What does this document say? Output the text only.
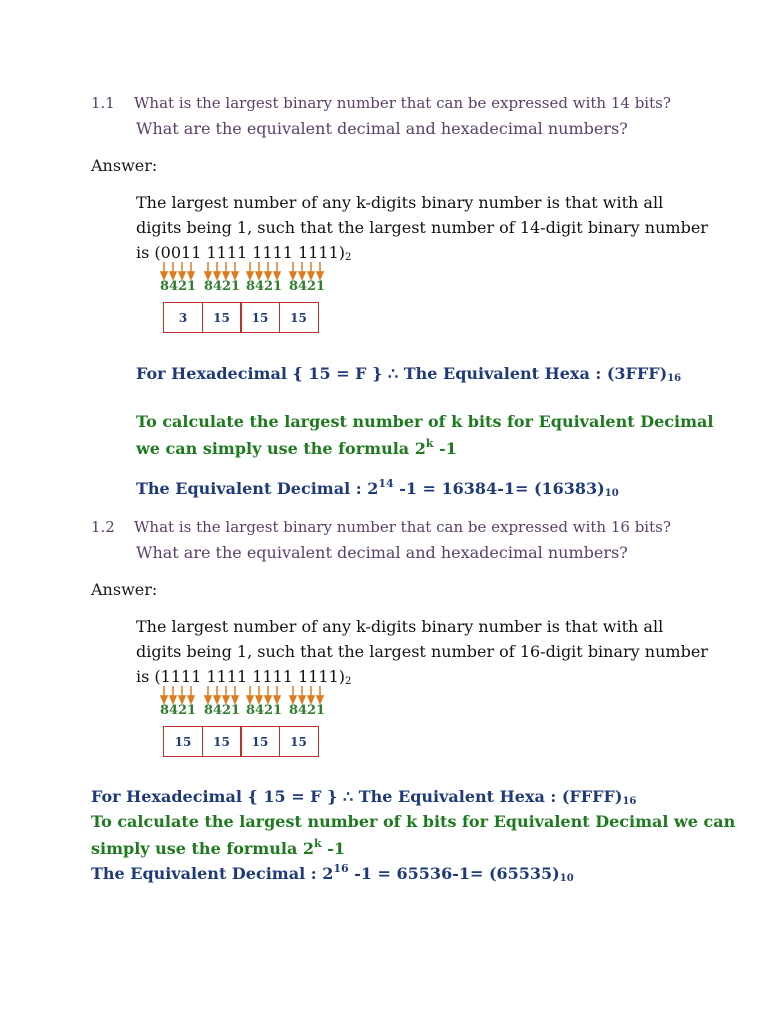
1.1 What is the largest binary number that can be expressed with 14 bits?
What are the equivalent decimal and hexadecimal numbers?
Answer:
The largest number of any k-digits binary number is that with all
digits being 1, such that the largest number of 14-digit binary number
is (0011 1111 1111 $1111)_2$
8 4 2 1 8 4 2 1 8 4 2 1 8 4 2 1
3	15	15	15
For Hexadecimal { 15 = F } ∴ The Equivalent Hexa : $(3FFF)_{16}$
To calculate the largest number of k bits for Equivalent Decimal
we can simply use the formula 2$^k$ -1
The Equivalent Decimal : $2^{14}$ $-1 = 16384-1= (16383)_{10}$
1.2 What is the largest binary number that can be expressed with 16 bits?
What are the equivalent decimal and hexadecimal numbers?
Answer:
The largest number of any k-digits binary number is that with all
digits being 1, such that the largest number of 16-digit binary number
is (1111 1111 1111 $1111)_2$
8 4 2 1 8 4 2 1 8 4 2 1 8 4 2 1
15	15	15	15
For Hexadecimal { 15 = F } ∴ The Equivalent Hexa : $(FFFF)_{16}$
To calculate the largest number of k bits for Equivalent Decimal we can
simply use the formula 2$^k$ -1
The Equivalent Decimal : $2^{16}$ $-1 = 65536-1= (65535)_{10}$
